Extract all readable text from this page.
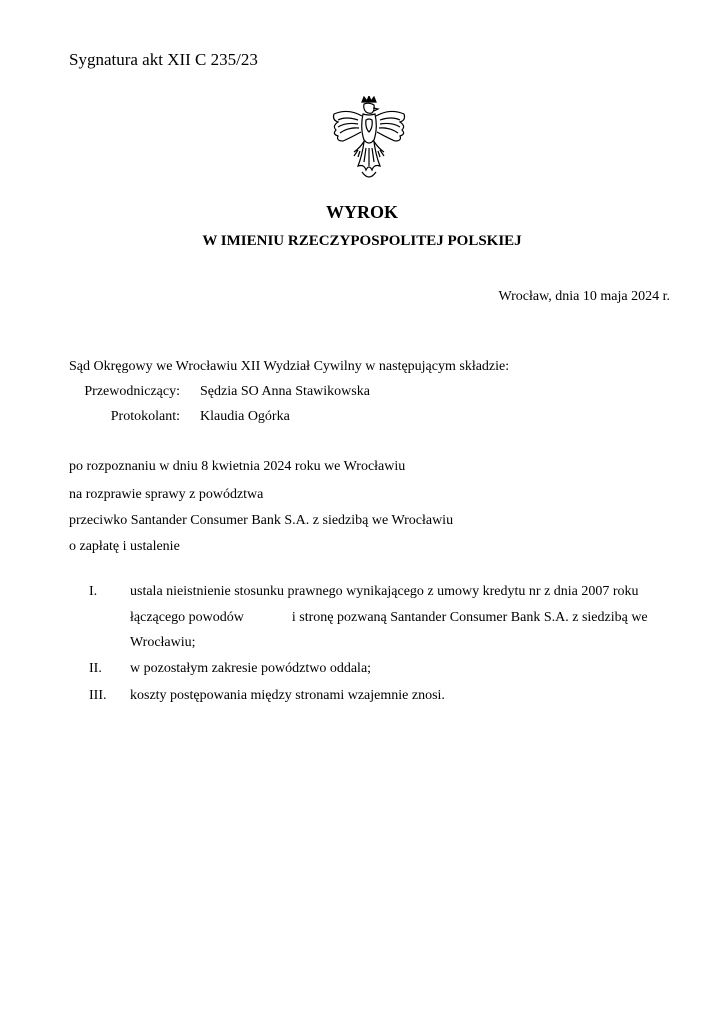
Sygnatura akt XII C 235/23
WYROK
W IMIENIU RZECZYPOSPOLITEJ POLSKIEJ
Wrocław, dnia 10 maja 2024 r.
Sąd Okręgowy we Wrocławiu XII Wydział Cywilny w następującym składzie:
Przewodniczący: Sędzia SO Anna Stawikowska
Protokolant: Klaudia Ogórka
po rozpoznaniu w dniu 8 kwietnia 2024 roku we Wrocławiu
na rozprawie sprawy z powództwa
przeciwko Santander Consumer Bank S.A. z siedzibą we Wrocławiu
o zapłatę i ustalenie
I. ustala nieistnienie stosunku prawnego wynikającego z umowy kredytu nr z dnia 2007 roku
łączącego powodów	i stronę pozwaną Santander Consumer Bank S.A. z siedzibą we
Wrocławiu;
II. w pozostałym zakresie powództwo oddala;
III. koszty postępowania między stronami wzajemnie znosi.
